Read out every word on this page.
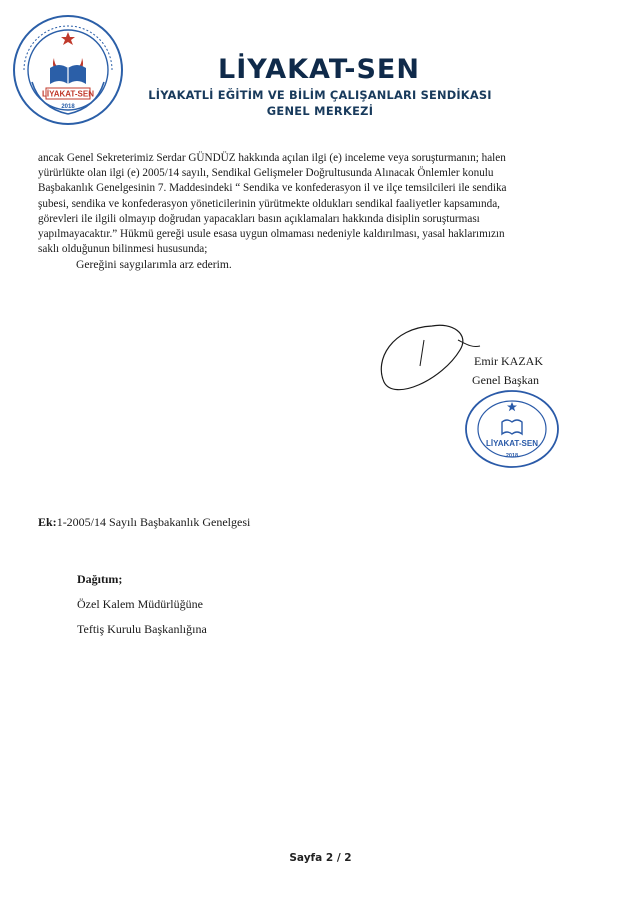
LİYAKAT-SEN
2018
LİYAKAT-SEN
LİYAKATLİ EĞİTİM VE BİLİM ÇALIŞANLARI SENDİKASI
GENEL MERKEZİ
ancak Genel Sekreterimiz Serdar GÜNDÜZ hakkında açılan ilgi (e) inceleme veya soruşturmanın; halen
yürürlükte olan ilgi (e) 2005/14 sayılı, Sendikal Gelişmeler Doğrultusunda Alınacak Önlemler konulu
Başbakanlık Genelgesinin 7. Maddesindeki “ Sendika ve konfederasyon il ve ilçe temsilcileri ile sendika
şubesi, sendika ve konfederasyon yöneticilerinin yürütmekte oldukları sendikal faaliyetler kapsamında,
görevleri ile ilgili olmayıp doğrudan yapacakları basın açıklamaları hakkında disiplin soruşturması
yapılmayacaktır.” Hükmü gereği usule esasa uygun olmaması nedeniyle kaldırılması, yasal haklarımızın
saklı olduğunun bilinmesi hususunda;
Gereğini saygılarımla arz ederim.
Emir KAZAK
Genel Başkan
LİYAKAT-SEN
2018
Ek:1-2005/14 Sayılı Başbakanlık Genelgesi
Dağıtım;
Özel Kalem Müdürlüğüne
Teftiş Kurulu Başkanlığına
Sayfa 2 / 2
